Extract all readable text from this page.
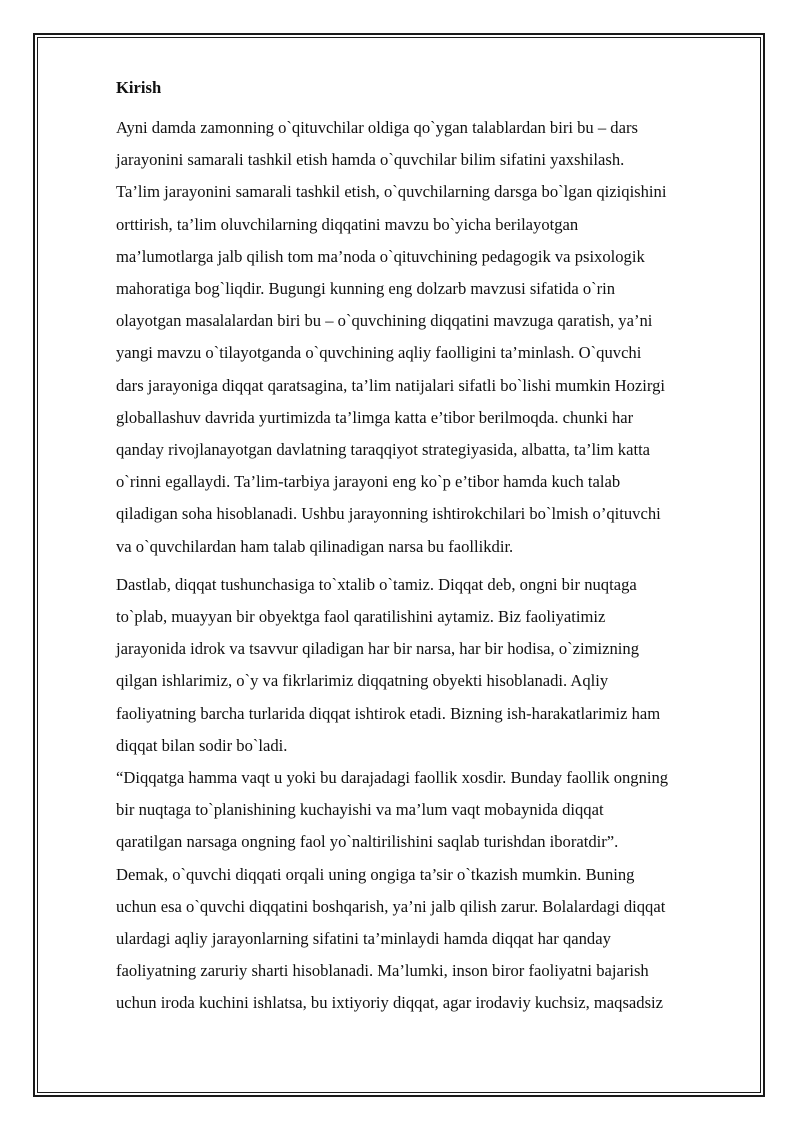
Kirish
Ayni damda zamonning o`qituvchilar oldiga qo`ygan talablardan biri bu – dars
jarayonini samarali tashkil etish hamda o`quvchilar bilim sifatini yaxshilash.
Ta’lim jarayonini samarali tashkil etish, o`quvchilarning darsga bo`lgan qiziqishini
orttirish, ta’lim oluvchilarning diqqatini mavzu bo`yicha berilayotgan
ma’lumotlarga jalb qilish tom ma’noda o`qituvchining pedagogik va psixologik
mahoratiga bog`liqdir. Bugungi kunning eng dolzarb mavzusi sifatida o`rin
olayotgan masalalardan biri bu – o`quvchining diqqatini mavzuga qaratish, ya’ni
yangi mavzu o`tilayotganda o`quvchining aqliy faolligini ta’minlash. O`quvchi
dars jarayoniga diqqat qaratsagina, ta’lim natijalari sifatli bo`lishi mumkin Hozirgi
globallashuv davrida yurtimizda ta’limga katta e’tibor berilmoqda. chunki har
qanday rivojlanayotgan davlatning taraqqiyot strategiyasida, albatta, ta’lim katta
o`rinni egallaydi. Ta’lim-tarbiya jarayoni eng ko`p e’tibor hamda kuch talab
qiladigan soha hisoblanadi. Ushbu jarayonning ishtirokchilari bo`lmish o’qituvchi
va o`quvchilardan ham talab qilinadigan narsa bu faollikdir.
Dastlab, diqqat tushunchasiga to`xtalib o`tamiz. Diqqat deb, ongni bir nuqtaga
to`plab, muayyan bir obyektga faol qaratilishini aytamiz. Biz faoliyatimiz
jarayonida idrok va tsavvur qiladigan har bir narsa, har bir hodisa, o`zimizning
qilgan ishlarimiz, o`y va fikrlarimiz diqqatning obyekti hisoblanadi. Aqliy
faoliyatning barcha turlarida diqqat ishtirok etadi. Bizning ish-harakatlarimiz ham
diqqat bilan sodir bo`ladi.
“Diqqatga hamma vaqt u yoki bu darajadagi faollik xosdir. Bunday faollik ongning
bir nuqtaga to`planishining kuchayishi va ma’lum vaqt mobaynida diqqat
qaratilgan narsaga ongning faol yo`naltirilishini saqlab turishdan iboratdir”.
Demak, o`quvchi diqqati orqali uning ongiga ta’sir o`tkazish mumkin. Buning
uchun esa o`quvchi diqqatini boshqarish, ya’ni jalb qilish zarur. Bolalardagi diqqat
ulardagi aqliy jarayonlarning sifatini ta’minlaydi hamda diqqat har qanday
faoliyatning zaruriy sharti hisoblanadi. Ma’lumki, inson biror faoliyatni bajarish
uchun iroda kuchini ishlatsa, bu ixtiyoriy diqqat, agar irodaviy kuchsiz, maqsadsiz
